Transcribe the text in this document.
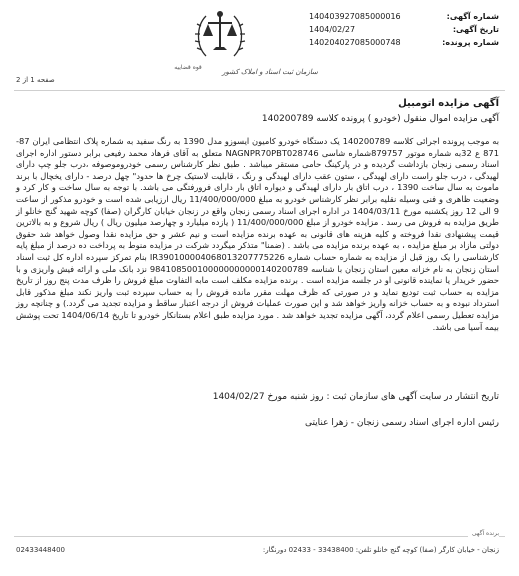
قوه قضاییه
سازمان ثبت اسناد و املاک کشور
شماره آگهی:
140403927085000016
تاریخ آگهی:
1404/02/27
شماره پرونده:
140204027085000748
صفحه 1 از 2
آگهی مزایده اتومبیل
آگهی مزایده اموال منقول (خودرو ) پرونده کلاسه 140200789
به موجب پرونده اجرائی کلاسه 140200789 یک دستگاه خودرو کامیون ایسوزو مدل 1390 به رنگ سفید به شماره پلاک انتظامی ایران 87- 871 ع 32به شماره موتور 879757شماره شاسی NAGNPR70PBT028746 متعلق به آقای فرهاد محمد رفیعی برابر دستور اداره اجرای اسناد رسمی زنجان بازداشت گردیده و در پارکینگ حامی مستقر میباشد . طبق نظر کارشناس رسمی خودروموصوفه ،درب جلو چپ دارای لهیدگی ، درب جلو راست دارای لهیدگی ، ستون عقب دارای لهیدگی و رنگ ، قابلیت لاستیک چرخ ها حدود" چهل درصد - دارای یخچال با برند ماموت به سال ساخت 1390 ، درب اتاق بار دارای لهیدگی و دیواره اتاق بار دارای فرورفتگی می باشد. با توجه به سال ساخت و کار کرد و وضعیت ظاهری و فنی وسیله نقلیه برابر نظر کارشناس خودرو به مبلغ 11/400/000/000 ریال ارزیابی شده است و خودرو مذکور از ساعت 9 الی 12 روز یکشنبه مورخ 1404/03/11 در اداره اجرای اسناد رسمی زنجان واقع در زنجان خیابان کارگران (صفا) کوچه شهید گنج خانلو از طریق مزایده به فروش می رسد . مزایده خودرو از مبلغ 11/400/000/000 ( یازده میلیارد و چهارصد میلیون ریال ) ریال شروع و به بالاترین قیمت پیشنهادی نقدا فروخته و کلیه هزینه های قانونی به عهده برنده مزایده است و نیم عشر و حق مزایده نقدا وصول خواهد شد حقوق دولتی مازاد بر مبلغ مزایده ، به عهده برنده مزایده می باشد . (ضمنا" متذکر میگردد شرکت در مزایده منوط به پرداخت ده درصد از مبلغ پایه کارشناسی را یک روز قبل از مزایده به شماره حساب شماره IR390100004068013207775226 بنام تمرکز سپرده اداره کل ثبت اسناد استان زنجان به نام خزانه معین استان زنجان با شناسه 984108500100000000000140200789 نزد بانک ملی و ارائه فیش واریزی و با حضور خریدار یا نماینده قانونی او در جلسه مزایده است . برنده مزایده مکلف است مابه التفاوت مبلغ فروش را ظرف مدت پنج روز از تاریخ مزایده به حساب ثبت تودیع نماید و در صورتی که ظرف مهلت مقرر مانده فروش را به حساب سپرده ثبت واریز نکند مبلغ مذکور قابل استرداد نبوده و به حساب خزانه واریز خواهد شد و این صورت عملیات فروش از درجه اعتبار ساقط و مزایده تجدید می گردد.) و چنانچه روز مزایده تعطیل رسمی اعلام گردد، آگهی مزایده تجدید خواهد شد . مورد مزایده طبق اعلام بستانکار خودرو تا تاریخ 1404/06/14 تحت پوشش بیمه آسیا می باشد.
تاریخ انتشار در سایت آگهی های سازمان ثبت : روز شنبه مورخ 1404/02/27
رئیس اداره اجرای اسناد رسمی زنجان - زهرا عنایتی
برنده آگهی
زنجان - خیابان کارگر (صفا) کوچه گنج خانلو تلفن: 33438400 - 02433 دورنگار:
02433448400
